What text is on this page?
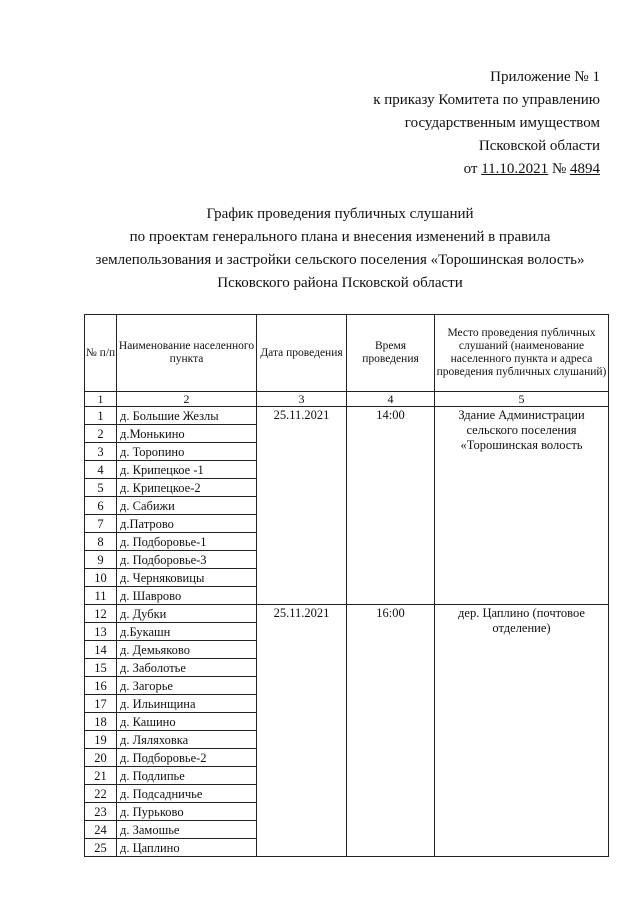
Приложение № 1
к приказу Комитета по управлению
государственным имуществом
Псковской области
от 11.10.2021 № 4894
График проведения публичных слушаний
по проектам генерального плана и внесения изменений в правила
землепользования и застройки сельского поселения «Торошинская волость»
Псковского района Псковской области
№ п/п	Наименование населенного пункта	Дата проведения	Время проведения	Место проведения публичных слушаний (наименование населенного пункта и адреса проведения публичных слушаний)
1	2	3	4	5
1	д. Большие Жезлы	25.11.2021	14:00	Здание Администрации сельского поселения «Торошинская волость
2	д.Монькино			
3	д. Торопино			
4	д. Крипецкое -1			
5	д. Крипецкое-2			
6	д. Сабижи			
7	д.Патрово			
8	д. Подборовье-1			
9	д. Подборовье-3			
10	д. Черняковицы			
11	д. Шаврово			
12	д. Дубки	25.11.2021	16:00	дер. Цаплино (почтовое отделение)
13	д.Букашн			
14	д. Демьяково			
15	д. Заболотье			
16	д. Загорье			
17	д. Ильинщина			
18	д. Кашино			
19	д. Ляляховка			
20	д. Подборовье-2			
21	д. Подлипье			
22	д. Подсадничье			
23	д. Пурьково			
24	д. Замошье			
25	д. Цаплино			
